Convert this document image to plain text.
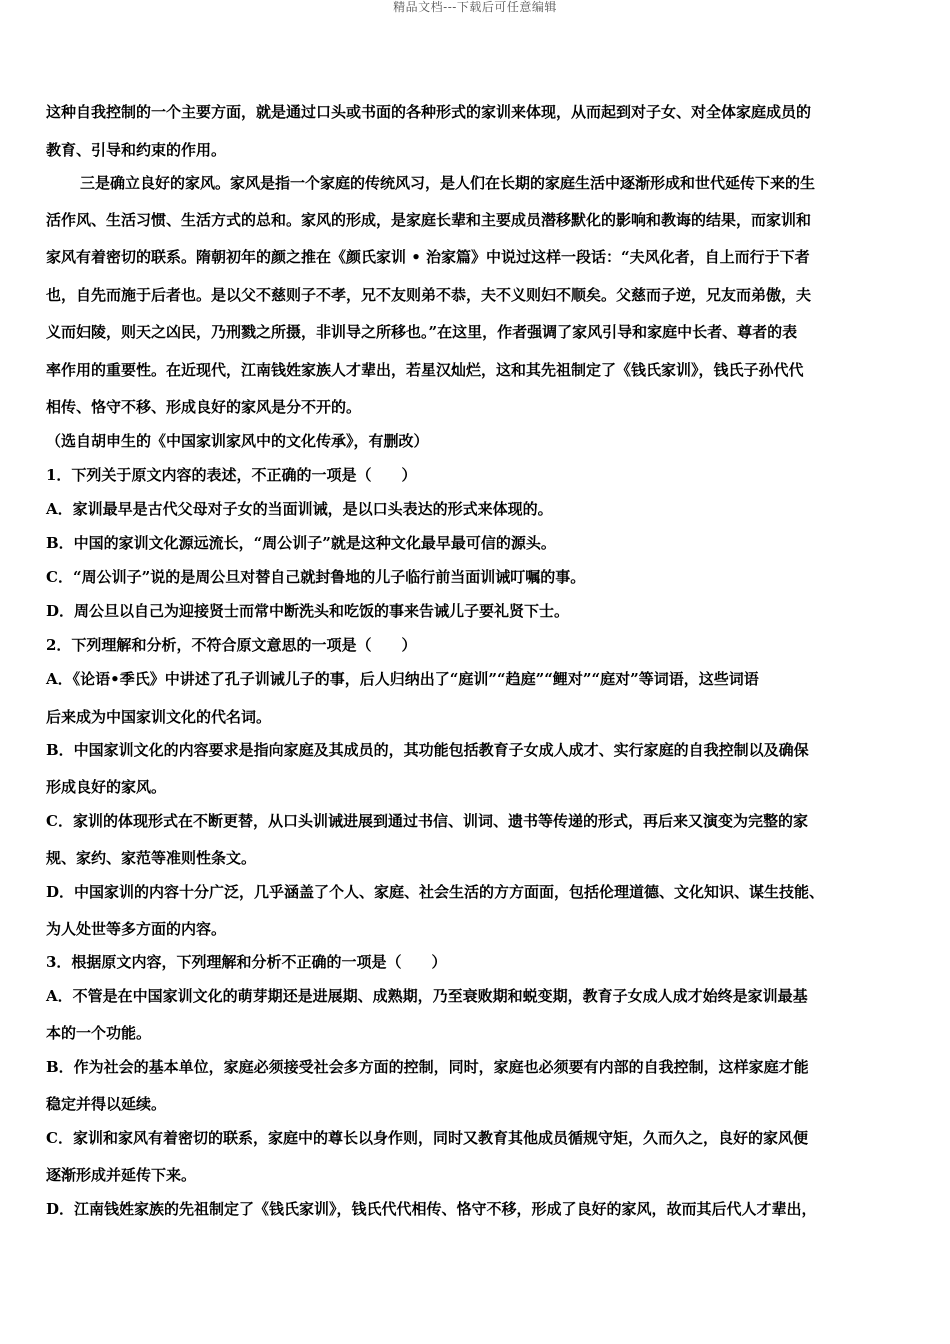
精品文档---下载后可任意编辑
这种自我控制的一个主要方面，就是通过口头或书面的各种形式的家训来体现，从而起到对子女、对全体家庭成员的
教育、引导和约束的作用。
三是确立良好的家风。家风是指一个家庭的传统风习，是人们在长期的家庭生活中逐渐形成和世代延传下来的生
活作风、生活习惯、生活方式的总和。家风的形成，是家庭长辈和主要成员潜移默化的影响和教诲的结果，而家训和
家风有着密切的联系。隋朝初年的颜之推在《颜氏家训 • 治家篇》中说过这样一段话：“夫风化者，自上而行于下者
也，自先而施于后者也。是以父不慈则子不孝，兄不友则弟不恭，夫不义则妇不顺矣。父慈而子逆，兄友而弟傲，夫
义而妇陵，则天之凶民，乃刑戮之所摄，非训导之所移也。”在这里，作者强调了家风引导和家庭中长者、尊者的表
率作用的重要性。在近现代，江南钱姓家族人才辈出，若星汉灿烂，这和其先祖制定了《钱氏家训》，钱氏子孙代代
相传、恪守不移、形成良好的家风是分不开的。
（选自胡申生的《中国家训家风中的文化传承》，有删改）
1．下列关于原文内容的表述，不正确的一项是（　　）
A．家训最早是古代父母对子女的当面训诫，是以口头表达的形式来体现的。
B．中国的家训文化源远流长，“周公训子”就是这种文化最早最可信的源头。
C．“周公训子”说的是周公旦对替自己就封鲁地的儿子临行前当面训诫叮嘱的事。
D．周公旦以自己为迎接贤士而常中断洗头和吃饭的事来告诫儿子要礼贤下士。
2．下列理解和分析，不符合原文意思的一项是（　　）
A．《论语•季氏》中讲述了孔子训诫儿子的事，后人归纳出了“庭训”“趋庭”“鲤对”“庭对”等词语，这些词语
后来成为中国家训文化的代名词。
B．中国家训文化的内容要求是指向家庭及其成员的，其功能包括教育子女成人成才、实行家庭的自我控制以及确保
形成良好的家风。
C．家训的体现形式在不断更替，从口头训诫进展到通过书信、训词、遗书等传递的形式，再后来又演变为完整的家
规、家约、家范等准则性条文。
D．中国家训的内容十分广泛，几乎涵盖了个人、家庭、社会生活的方方面面，包括伦理道德、文化知识、谋生技能、
为人处世等多方面的内容。
3．根据原文内容，下列理解和分析不正确的一项是（　　）
A．不管是在中国家训文化的萌芽期还是进展期、成熟期，乃至衰败期和蜕变期，教育子女成人成才始终是家训最基
本的一个功能。
B．作为社会的基本单位，家庭必须接受社会多方面的控制，同时，家庭也必须要有内部的自我控制，这样家庭才能
稳定并得以延续。
C．家训和家风有着密切的联系，家庭中的尊长以身作则，同时又教育其他成员循规守矩，久而久之，良好的家风便
逐渐形成并延传下来。
D．江南钱姓家族的先祖制定了《钱氏家训》，钱氏代代相传、恪守不移，形成了良好的家风，故而其后代人才辈出，
